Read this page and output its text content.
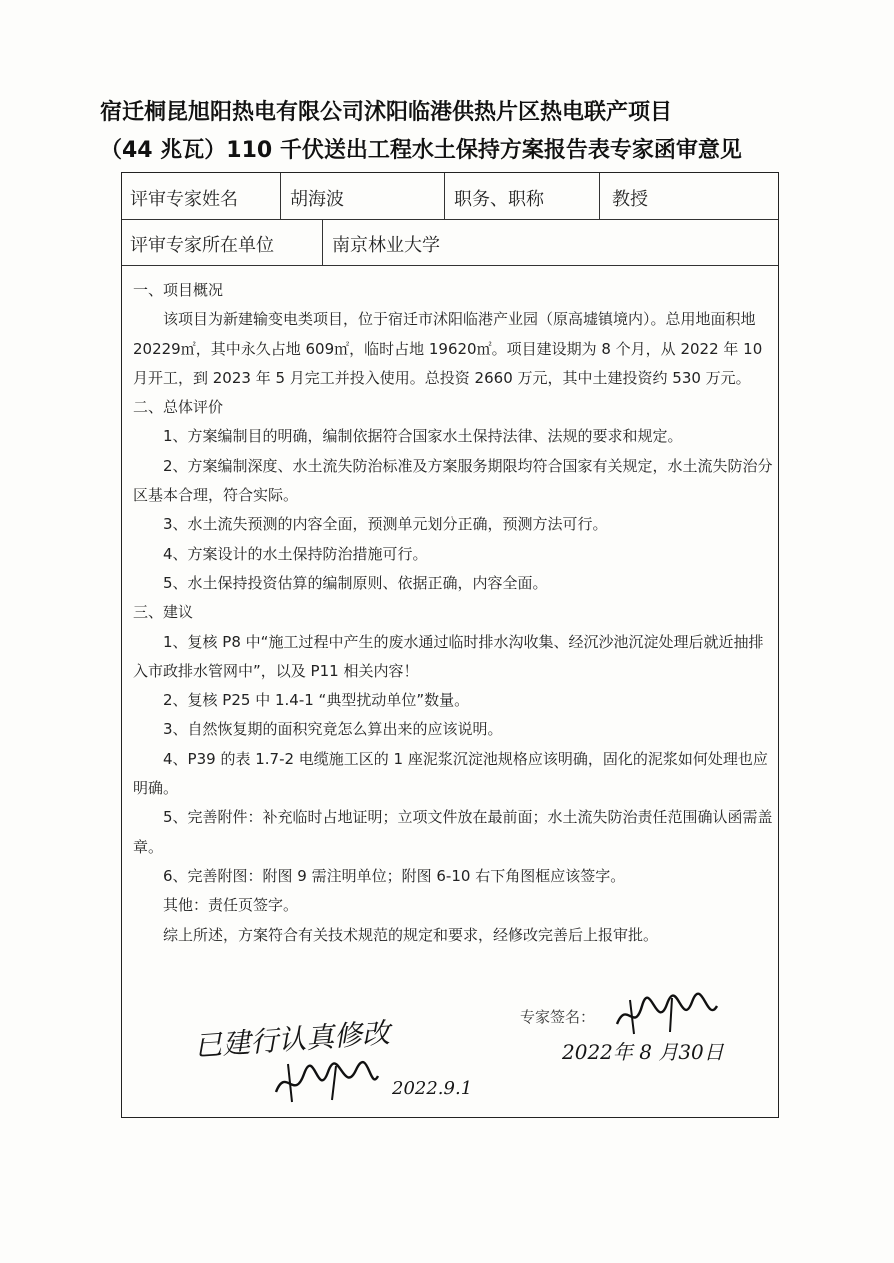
宿迁桐昆旭阳热电有限公司沭阳临港供热片区热电联产项目
（44 兆瓦）110 千伏送出工程水土保持方案报告表专家函审意见
评审专家姓名	胡海波	职务、职称	教授
评审专家所在单位	南京林业大学

一、项目概况

该项目为新建输变电类项目，位于宿迁市沭阳临港产业园（原高墟镇境内）。总用地面积地 20229㎡，其中永久占地 609㎡，临时占地 19620㎡。项目建设期为 8 个月，从 2022 年 10 月开工，到 2023 年 5 月完工并投入使用。总投资 2660 万元，其中土建投资约 530 万元。

二、总体评价

1、方案编制目的明确，编制依据符合国家水土保持法律、法规的要求和规定。

2、方案编制深度、水土流失防治标准及方案服务期限均符合国家有关规定，水土流失防治分区基本合理，符合实际。

3、水土流失预测的内容全面，预测单元划分正确，预测方法可行。

4、方案设计的水土保持防治措施可行。

5、水土保持投资估算的编制原则、依据正确，内容全面。

三、建议

1、复核 P8 中“施工过程中产生的废水通过临时排水沟收集、经沉沙池沉淀处理后就近抽排入市政排水管网中”，以及 P11 相关内容！

2、复核 P25 中 1.4-1 “典型扰动单位”数量。

3、自然恢复期的面积究竟怎么算出来的应该说明。

4、P39 的表 1.7-2 电缆施工区的 1 座泥浆沉淀池规格应该明确，固化的泥浆如何处理也应明确。

5、完善附件：补充临时占地证明；立项文件放在最前面；水土流失防治责任范围确认函需盖章。

6、完善附图：附图 9 需注明单位；附图 6-10 右下角图框应该签字。

其他：责任页签字。

综上所述，方案符合有关技术规范的规定和要求，经修改完善后上报审批。

专家签名：
2022年 8 月30日
已建行认真修改
2022.9.1
